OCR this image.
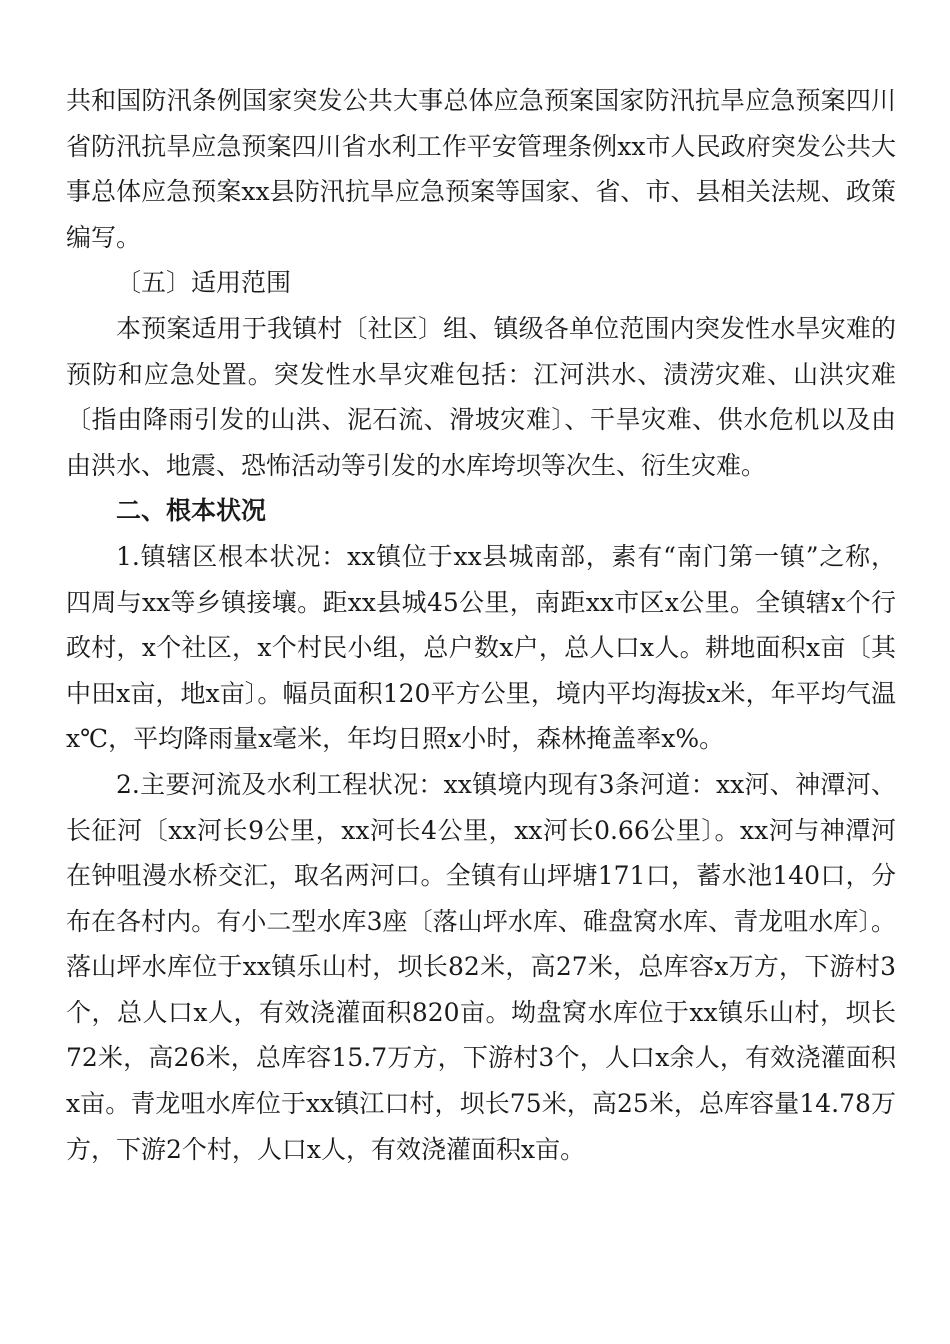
共和国防汛条例国家突发公共大事总体应急预案国家防汛抗旱应急预案四川省防汛抗旱应急预案四川省水利工作平安管理条例xx市人民政府突发公共大事总体应急预案xx县防汛抗旱应急预案等国家、省、市、县相关法规、政策编写。

〔五〕适用范围

本预案适用于我镇村〔社区〕组、镇级各单位范围内突发性水旱灾难的预防和应急处置。突发性水旱灾难包括：江河洪水、渍涝灾难、山洪灾难〔指由降雨引发的山洪、泥石流、滑坡灾难〕、干旱灾难、供水危机以及由由洪水、地震、恐怖活动等引发的水库垮坝等次生、衍生灾难。

二、根本状况

1.镇辖区根本状况：xx镇位于xx县城南部，素有“南门第一镇”之称，四周与xx等乡镇接壤。距xx县城45公里，南距xx市区x公里。全镇辖x个行政村，x个社区，x个村民小组，总户数x户，总人口x人。耕地面积x亩〔其中田x亩，地x亩〕。幅员面积120平方公里，境内平均海拔x米，年平均气温x℃，平均降雨量x毫米，年均日照x小时，森林掩盖率x%。

2.主要河流及水利工程状况：xx镇境内现有3条河道：xx河、神潭河、长征河〔xx河长9公里，xx河长4公里，xx河长0.66公里〕。xx河与神潭河在钟咀漫水桥交汇，取名两河口。全镇有山坪塘171口，蓄水池140口，分布在各村内。有小二型水库3座〔落山坪水库、碓盘窝水库、青龙咀水库〕。落山坪水库位于xx镇乐山村，坝长82米，高27米，总库容x万方，下游村3个，总人口x人，有效浇灌面积820亩。坳盘窝水库位于xx镇乐山村，坝长72米，高26米，总库容15.7万方，下游村3个，人口x余人，有效浇灌面积x亩。青龙咀水库位于xx镇江口村，坝长75米，高25米，总库容量14.78万方，下游2个村，人口x人，有效浇灌面积x亩。
